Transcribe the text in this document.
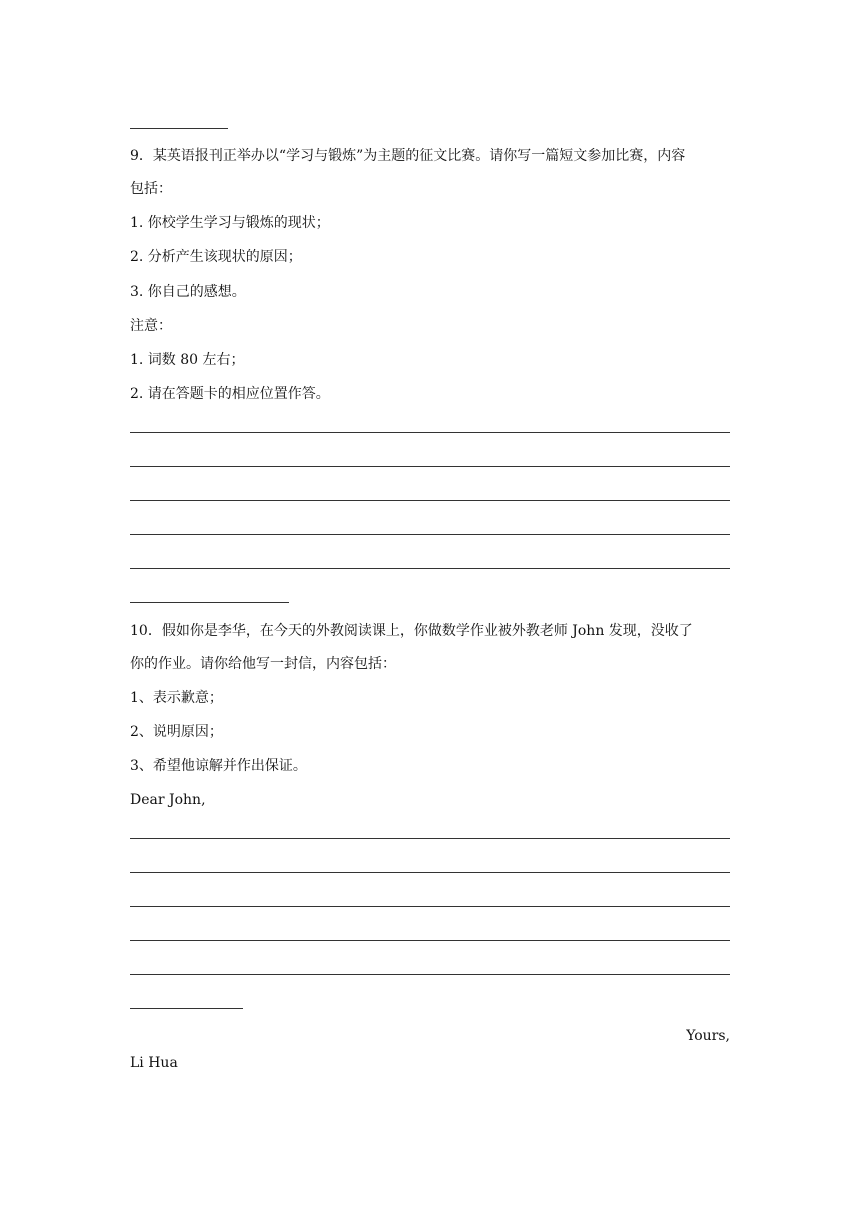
9．某英语报刊正举办以“学习与锻炼”为主题的征文比赛。请你写一篇短文参加比赛，内容
包括：
1. 你校学生学习与锻炼的现状；
2. 分析产生该现状的原因；
3. 你自己的感想。
注意：
1. 词数 80 左右；
2. 请在答题卡的相应位置作答。
10．假如你是李华，在今天的外教阅读课上，你做数学作业被外教老师 John 发现，没收了
你的作业。请你给他写一封信，内容包括：
1、表示歉意；
2、说明原因；
3、希望他谅解并作出保证。
Dear John,
Yours,
Li Hua
